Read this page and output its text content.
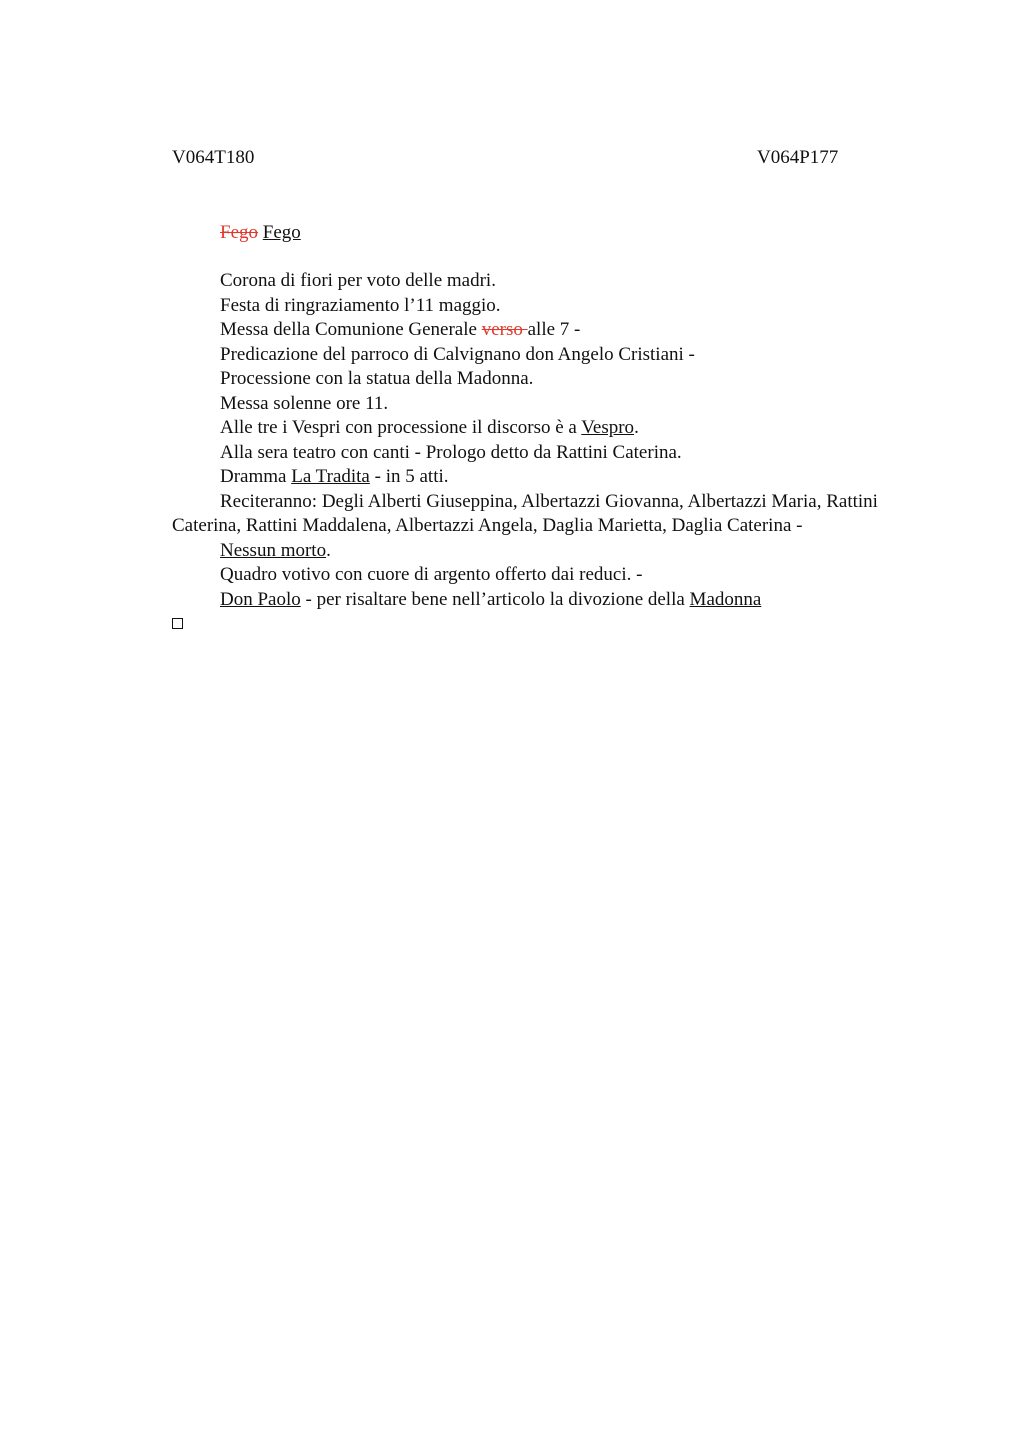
V064T180	V064P177
Fego Fego
Corona di fiori per voto delle madri.
Festa di ringraziamento l’11 maggio.
Messa della Comunione Generale verso alle 7 -
Predicazione del parroco di Calvignano don Angelo Cristiani -
Processione con la statua della Madonna.
Messa solenne ore 11.
Alle tre i Vespri con processione il discorso è a Vespro.
Alla sera teatro con canti - Prologo detto da Rattini Caterina.
Dramma La Tradita - in 5 atti.
Reciteranno: Degli Alberti Giuseppina, Albertazzi Giovanna, Albertazzi Maria, Rattini Caterina, Rattini Maddalena, Albertazzi Angela, Daglia Marietta, Daglia Caterina -
Nessun morto.
Quadro votivo con cuore di argento offerto dai reduci. -
Don Paolo - per risaltare bene nell’articolo la divozione della Madonna
